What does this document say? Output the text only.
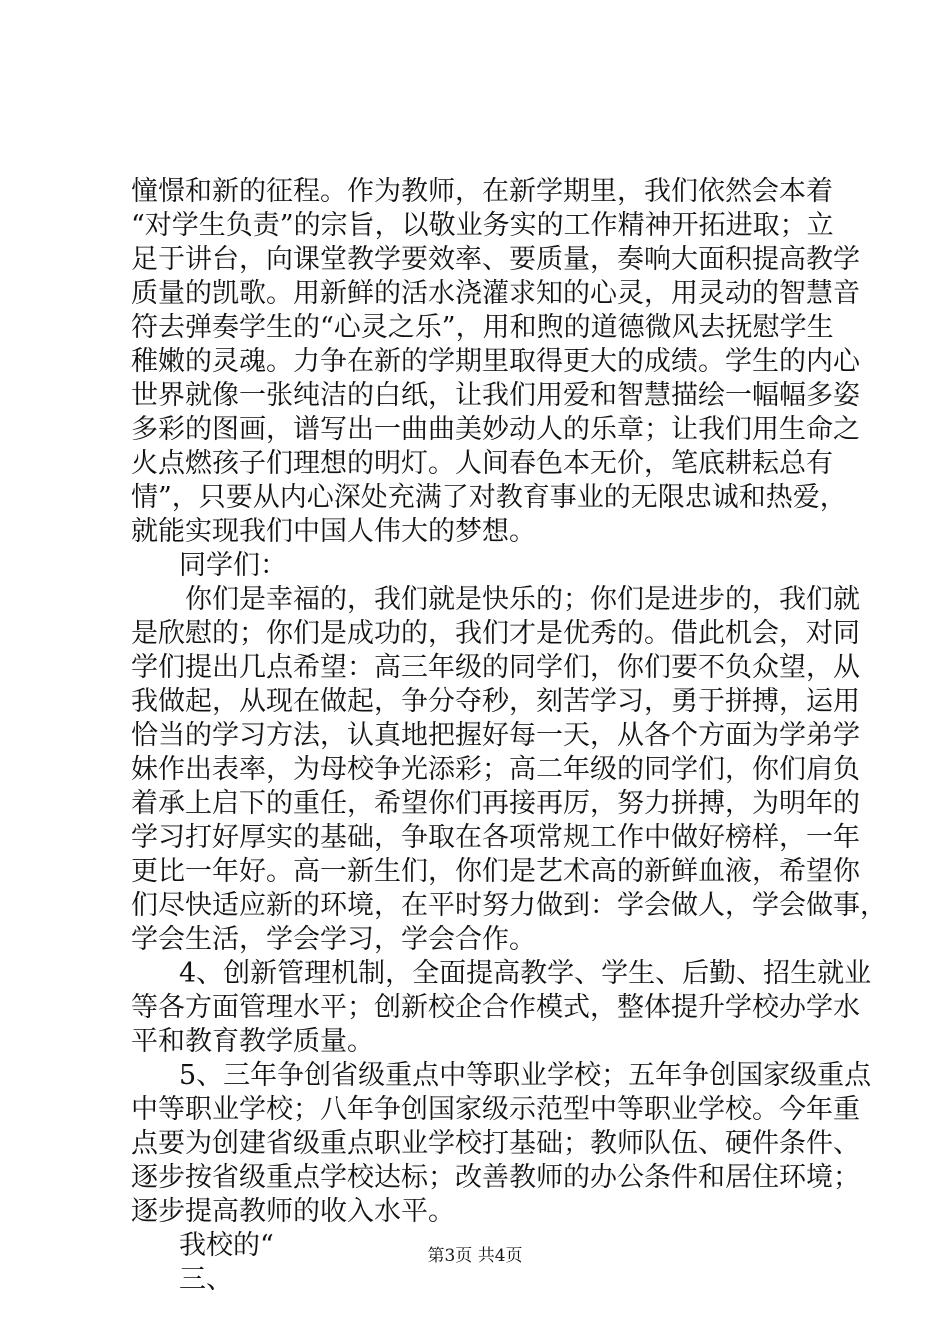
憧憬和新的征程。作为教师，在新学期里，我们依然会本着
“对学生负责”的宗旨，以敬业务实的工作精神开拓进取；立
足于讲台，向课堂教学要效率、要质量，奏响大面积提高教学
质量的凯歌。用新鲜的活水浇灌求知的心灵，用灵动的智慧音
符去弹奏学生的“心灵之乐”，用和煦的道德微风去抚慰学生
稚嫩的灵魂。力争在新的学期里取得更大的成绩。学生的内心
世界就像一张纯洁的白纸，让我们用爱和智慧描绘一幅幅多姿
多彩的图画，谱写出一曲曲美妙动人的乐章；让我们用生命之
火点燃孩子们理想的明灯。人间春色本无价，笔底耕耘总有
情”，只要从内心深处充满了对教育事业的无限忠诚和热爱，
就能实现我们中国人伟大的梦想。
同学们：
你们是幸福的，我们就是快乐的；你们是进步的，我们就
是欣慰的；你们是成功的，我们才是优秀的。借此机会，对同
学们提出几点希望：高三年级的同学们，你们要不负众望，从
我做起，从现在做起，争分夺秒，刻苦学习，勇于拼搏，运用
恰当的学习方法，认真地把握好每一天，从各个方面为学弟学
妹作出表率，为母校争光添彩；高二年级的同学们，你们肩负
着承上启下的重任，希望你们再接再厉，努力拼搏，为明年的
学习打好厚实的基础，争取在各项常规工作中做好榜样，一年
更比一年好。高一新生们，你们是艺术高的新鲜血液，希望你
们尽快适应新的环境，在平时努力做到：学会做人，学会做事，
学会生活，学会学习，学会合作。
4、创新管理机制，全面提高教学、学生、后勤、招生就业
等各方面管理水平；创新校企合作模式，整体提升学校办学水
平和教育教学质量。
5、三年争创省级重点中等职业学校；五年争创国家级重点
中等职业学校；八年争创国家级示范型中等职业学校。今年重
点要为创建省级重点职业学校打基础；教师队伍、硬件条件、
逐步按省级重点学校达标；改善教师的办公条件和居住环境；
逐步提高教师的收入水平。
我校的“
三、
第3页 共4页
